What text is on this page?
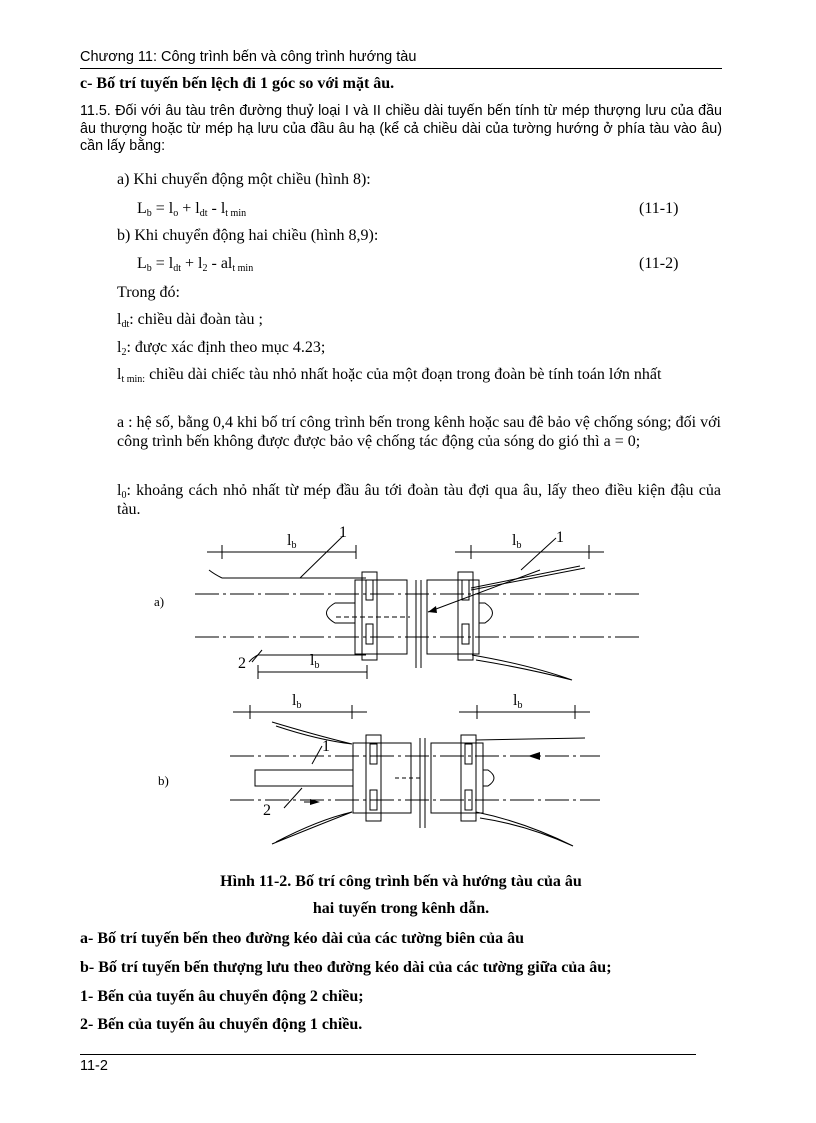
Chương 11: Công trình bến và công trình hướng tàu
c- Bố trí tuyến bến lệch đi 1 góc so với mặt âu.
11.5. Đối với âu tàu trên đường thuỷ loại I và II chiều dài tuyến bến tính từ mép thượng lưu của đầu âu thượng hoặc từ mép hạ lưu của đầu âu hạ (kể cả chiều dài của tường hướng ở phía tàu vào âu) cần lấy bằng:
a) Khi chuyển động một chiều (hình 8):
$L_b = l_o + l_{dt} - l_{t min}$	(11-1)
b) Khi chuyển động hai chiều (hình 8,9):
$L_b = l_{dt} + l_2 - al_{t min}$	(11-2)
Trong đó:
$l_{dt}$: chiều dài đoàn tàu ;
$l_2$: được xác định theo mục 4.23;
$l_{t min:}$ chiều dài chiếc tàu nhỏ nhất hoặc của một đoạn trong đoàn bè tính toán lớn nhất
a : hệ số, bằng 0,4 khi bố trí công trình bến trong kênh hoặc sau đê bảo vệ chống sóng; đối với công trình bến không được được bảo vệ chống tác động của sóng do gió thì a = 0;
$l_0$: khoảng cách nhỏ nhất từ mép đầu âu tới đoàn tàu đợi qua âu, lấy theo điều kiện đậu của tàu.
$l_b$	$l_b$
1	1
a)
2	$l_b$
$l_b$	$l_b$
1
b)
2
Hình 11-2. Bố trí công trình bến và hướng tàu của âu
hai tuyến trong kênh dẫn.
a- Bố trí tuyến bến theo đường kéo dài của các tường biên của âu
b- Bố trí tuyến bến thượng lưu theo đường kéo dài của các tường giữa của âu;
1- Bến của tuyến âu chuyển động 2 chiều;
2- Bến của tuyến âu chuyển động 1 chiều.
11-2
